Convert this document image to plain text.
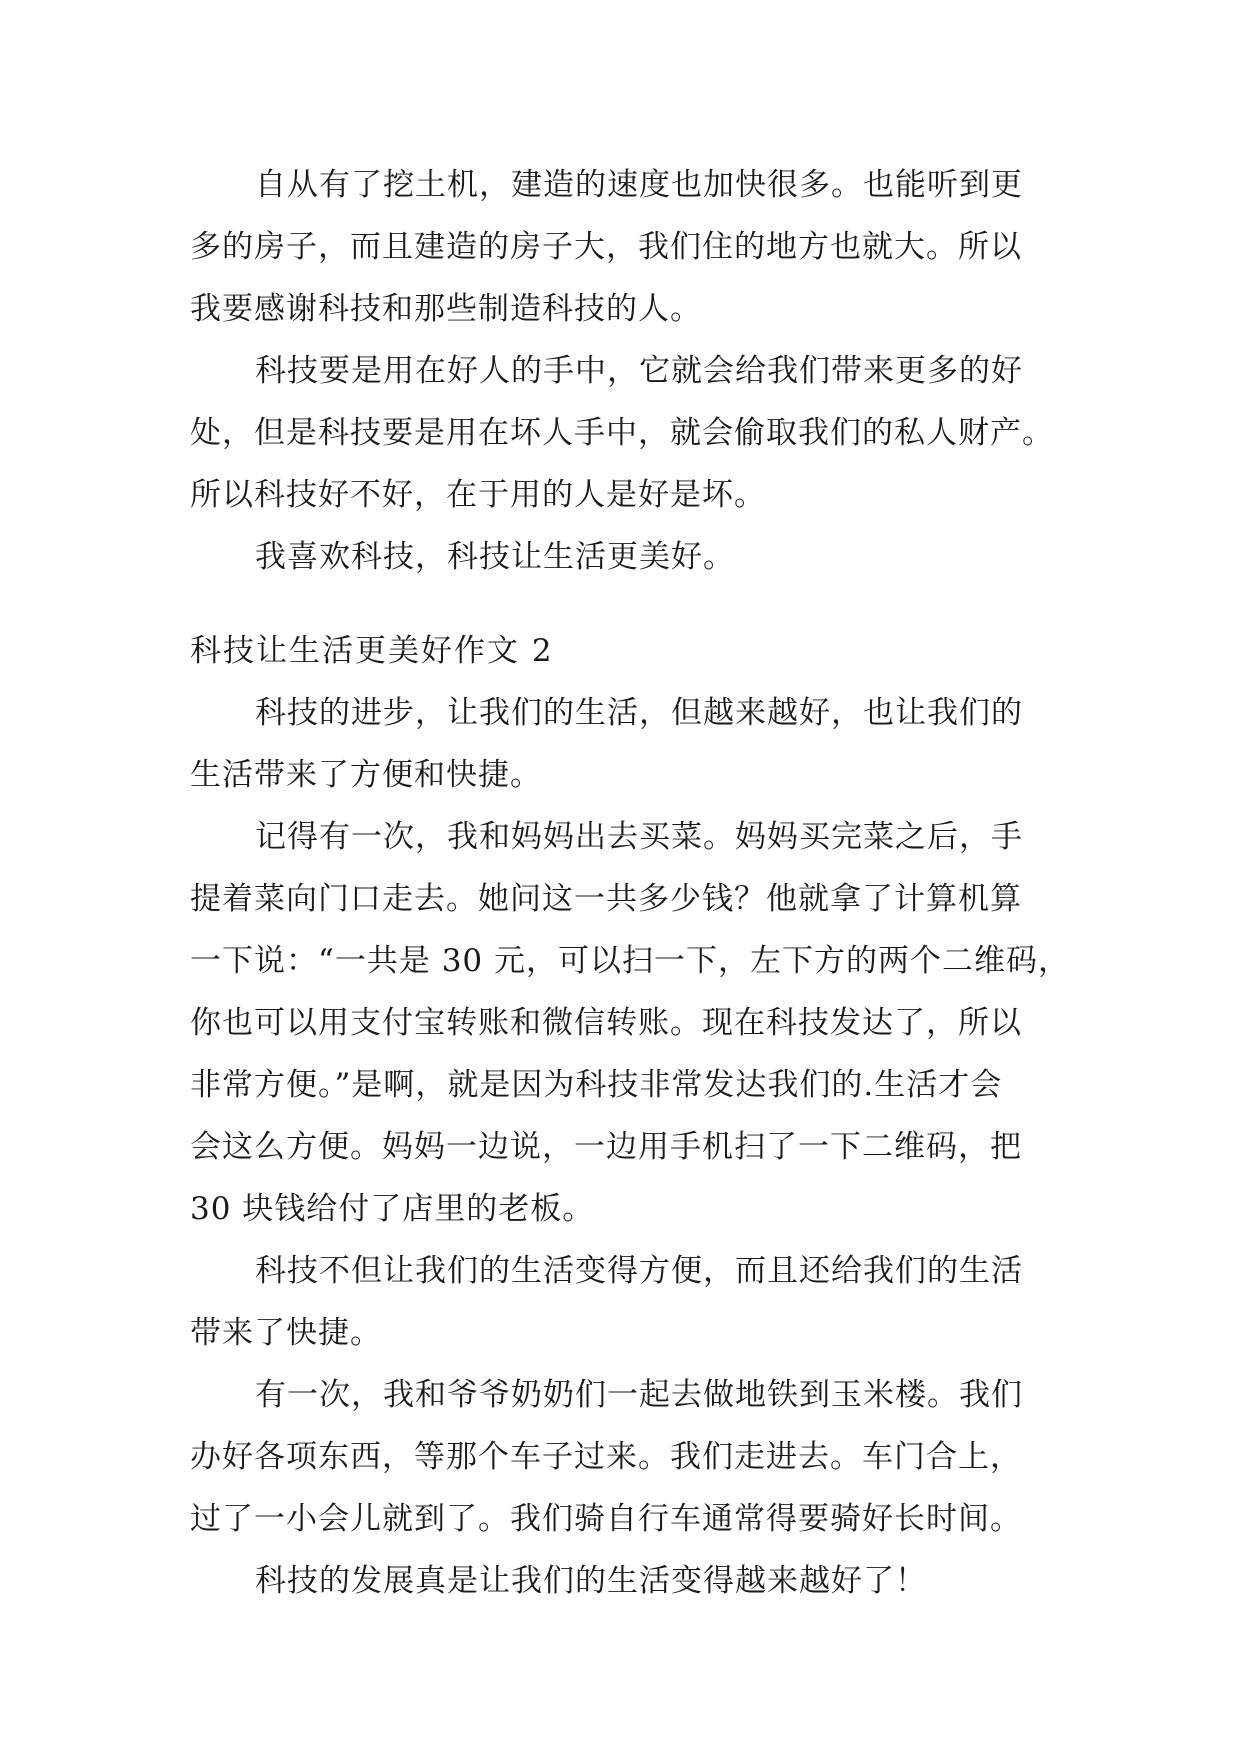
自从有了挖土机，建造的速度也加快很多。也能听到更
多的房子，而且建造的房子大，我们住的地方也就大。所以
我要感谢科技和那些制造科技的人。
科技要是用在好人的手中，它就会给我们带来更多的好
处，但是科技要是用在坏人手中，就会偷取我们的私人财产。
所以科技好不好，在于用的人是好是坏。
我喜欢科技，科技让生活更美好。
科技让生活更美好作文 2
科技的进步，让我们的生活，但越来越好，也让我们的
生活带来了方便和快捷。
记得有一次，我和妈妈出去买菜。妈妈买完菜之后，手
提着菜向门口走去。她问这一共多少钱？他就拿了计算机算
一下说：“一共是 30 元，可以扫一下，左下方的两个二维码，
你也可以用支付宝转账和微信转账。现在科技发达了，所以
非常方便。”是啊，就是因为科技非常发达我们的.生活才会
会这么方便。妈妈一边说，一边用手机扫了一下二维码，把
30 块钱给付了店里的老板。
科技不但让我们的生活变得方便，而且还给我们的生活
带来了快捷。
有一次，我和爷爷奶奶们一起去做地铁到玉米楼。我们
办好各项东西，等那个车子过来。我们走进去。车门合上，
过了一小会儿就到了。我们骑自行车通常得要骑好长时间。
科技的发展真是让我们的生活变得越来越好了！
